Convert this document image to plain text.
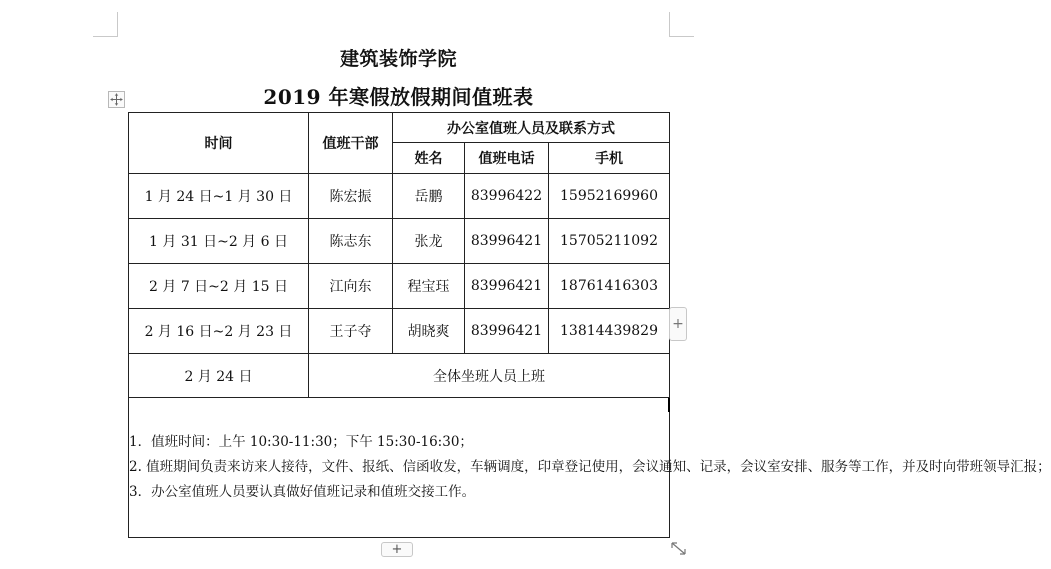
建筑装饰学院
2019 年寒假放假期间值班表
时间	值班干部	办公室值班人员及联系方式		
		姓名	值班电话	手机
1 月 24 日~1 月 30 日	陈宏振	岳鹏	83996422	15952169960
1 月 31 日~2 月 6 日	陈志东	张龙	83996421	15705211092
2 月 7 日~2 月 15 日	江向东	程宝珏	83996421	18761416303
2 月 16 日~2 月 23 日	王子夺	胡晓爽	83996421	13814439829
2 月 24 日	全体坐班人员上班			

1．值班时间：上午 10:30-11:30；下午 15:30-16:30；
2. 值班期间负责来访来人接待，文件、报纸、信函收发，车辆调度，印章登记使用，会议通知、记录，会议室安排、服务等工作，并及时向带班领导汇报；
3．办公室值班人员要认真做好值班记录和值班交接工作。				
+
+
